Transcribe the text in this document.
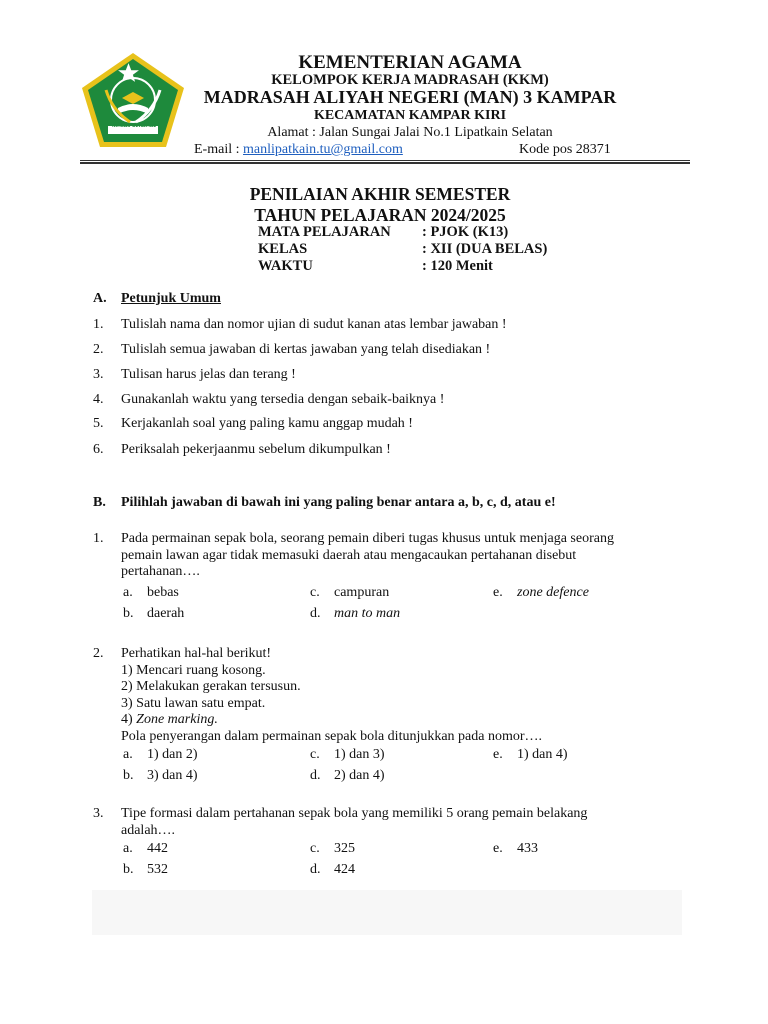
IKHLAS BERAMAL
KEMENTERIAN AGAMA
KELOMPOK KERJA MADRASAH (KKM)
MADRASAH ALIYAH NEGERI (MAN) 3 KAMPAR
KECAMATAN KAMPAR KIRI
Alamat : Jalan Sungai Jalai No.1 Lipatkain Selatan
E-mail : manlipatkain.tu@gmail.com	Kode pos 28371
PENILAIAN AKHIR SEMESTER
TAHUN PELAJARAN 2024/2025
MATA PELAJARAN : PJOK (K13)
KELAS	: XII (DUA BELAS)
WAKTU	: 120 Menit
A. Petunjuk Umum
1. Tulislah nama dan nomor ujian di sudut kanan atas lembar jawaban !
2. Tulislah semua jawaban di kertas jawaban yang telah disediakan !
3. Tulisan harus jelas dan terang !
4. Gunakanlah waktu yang tersedia dengan sebaik-baiknya !
5. Kerjakanlah soal yang paling kamu anggap mudah !
6. Periksalah pekerjaanmu sebelum dikumpulkan !
B. Pilihlah jawaban di bawah ini yang paling benar antara a, b, c, d, atau e!
1. Pada permainan sepak bola, seorang pemain diberi tugas khusus untuk menjaga seorang
pemain lawan agar tidak memasuki daerah atau mengacaukan pertahanan disebut
pertahanan….
a. bebas	c. campuran	e. zone defence
b. daerah	d. man to man
2. Perhatikan hal-hal berikut!
1) Mencari ruang kosong.
2) Melakukan gerakan tersusun.
3) Satu lawan satu empat.
4) Zone marking.
Pola penyerangan dalam permainan sepak bola ditunjukkan pada nomor….
a. 1) dan 2)	c. 1) dan 3)	e. 1) dan 4)
b. 3) dan 4)	d. 2) dan 4)
3. Tipe formasi dalam pertahanan sepak bola yang memiliki 5 orang pemain belakang
adalah….
a. 442	c. 325	e. 433
b. 532	d. 424
